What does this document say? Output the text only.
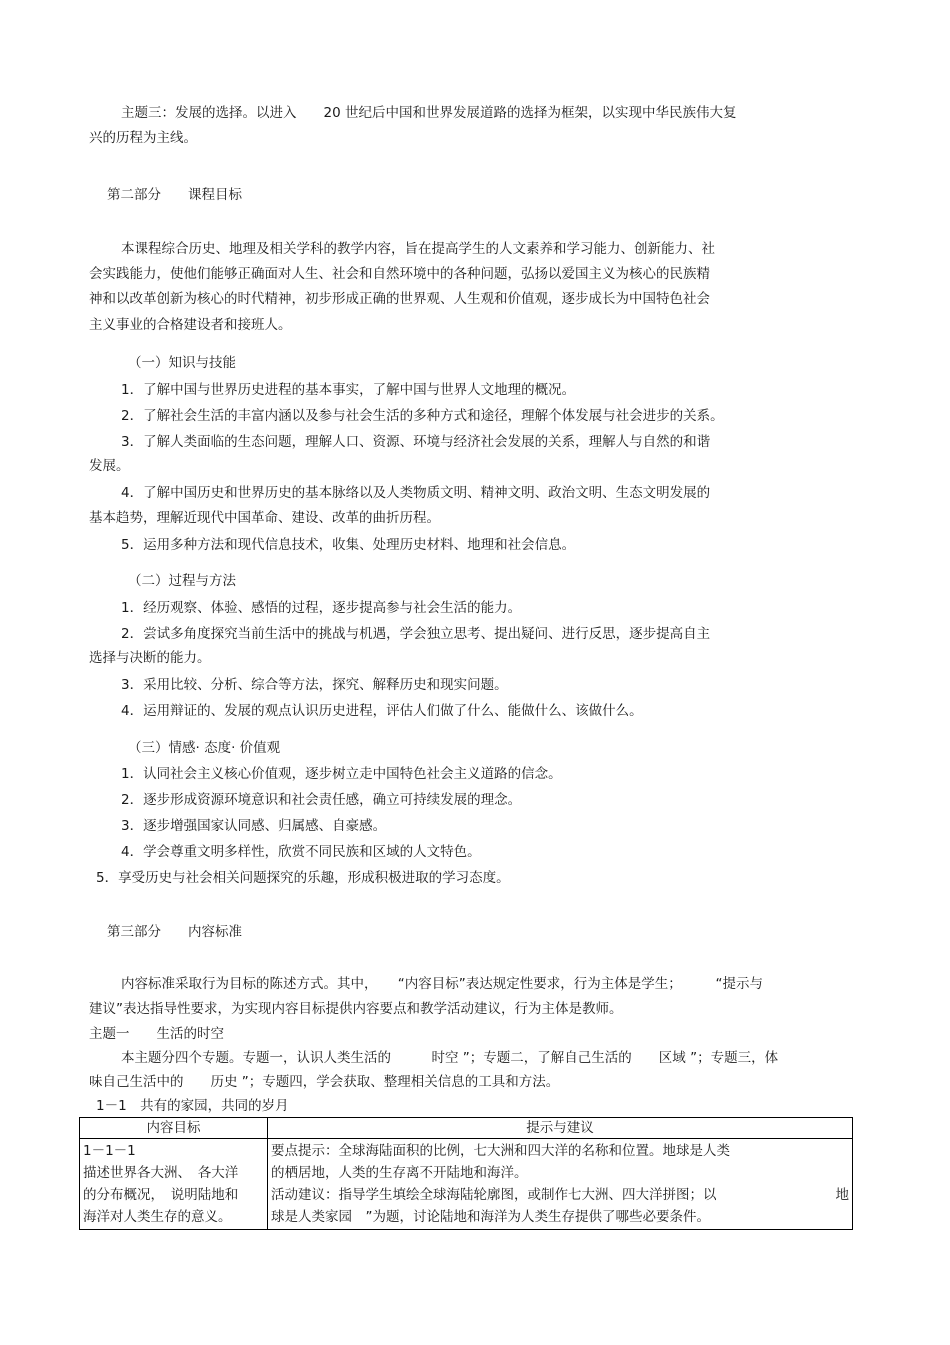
主题三：发展的选择。以进入　　20 世纪后中国和世界发展道路的选择为框架，以实现中华民族伟大复
兴的历程为主线。
第二部分　　课程目标
本课程综合历史、地理及相关学科的教学内容，旨在提高学生的人文素养和学习能力、创新能力、社
会实践能力，使他们能够正确面对人生、社会和自然环境中的各种问题，弘扬以爱国主义为核心的民族精
神和以改革创新为核心的时代精神，初步形成正确的世界观、人生观和价值观，逐步成长为中国特色社会
主义事业的合格建设者和接班人。
（一）知识与技能
1．了解中国与世界历史进程的基本事实，了解中国与世界人文地理的概况。
2．了解社会生活的丰富内涵以及参与社会生活的多种方式和途径，理解个体发展与社会进步的关系。
3．了解人类面临的生态问题，理解人口、资源、环境与经济社会发展的关系，理解人与自然的和谐
发展。
4．了解中国历史和世界历史的基本脉络以及人类物质文明、精神文明、政治文明、生态文明发展的
基本趋势，理解近现代中国革命、建设、改革的曲折历程。
5．运用多种方法和现代信息技术，收集、处理历史材料、地理和社会信息。
（二）过程与方法
1．经历观察、体验、感悟的过程，逐步提高参与社会生活的能力。
2．尝试多角度探究当前生活中的挑战与机遇，学会独立思考、提出疑问、进行反思，逐步提高自主
选择与决断的能力。
3．采用比较、分析、综合等方法，探究、解释历史和现实问题。
4．运用辩证的、发展的观点认识历史进程，评估人们做了什么、能做什么、该做什么。
（三）情感· 态度· 价值观
1．认同社会主义核心价值观，逐步树立走中国特色社会主义道路的信念。
2．逐步形成资源环境意识和社会责任感，确立可持续发展的理念。
3．逐步增强国家认同感、归属感、自豪感。
4．学会尊重文明多样性，欣赏不同民族和区域的人文特色。
5．享受历史与社会相关问题探究的乐趣，形成积极进取的学习态度。
第三部分　　内容标准
内容标准采取行为目标的陈述方式。其中，　　“内容目标”表达规定性要求，行为主体是学生；　　　“提示与
建议”表达指导性要求，为实现内容目标提供内容要点和教学活动建议，行为主体是教师。
主题一　　生活的时空
本主题分四个专题。专题一，认识人类生活的　　　时空 ”；专题二，了解自己生活的　　区域 ”；专题三，体
味自己生活中的　　历史 ”；专题四，学会获取、整理相关信息的工具和方法。
1－1　共有的家园，共同的岁月
内容目标	提示与建议

1－1－1
描述世界各大洲、　各大洋
的分布概况，　说明陆地和
海洋对人类生存的意义。	要点提示：全球海陆面积的比例，七大洲和四大洋的名称和位置。地球是人类
的栖居地，人类的生存离不开陆地和海洋。
活动建议：指导学生填绘全球海陆轮廓图，或制作七大洲、四大洋拼图；以 地
球是人类家园　”为题，讨论陆地和海洋为人类生存提供了哪些必要条件。
